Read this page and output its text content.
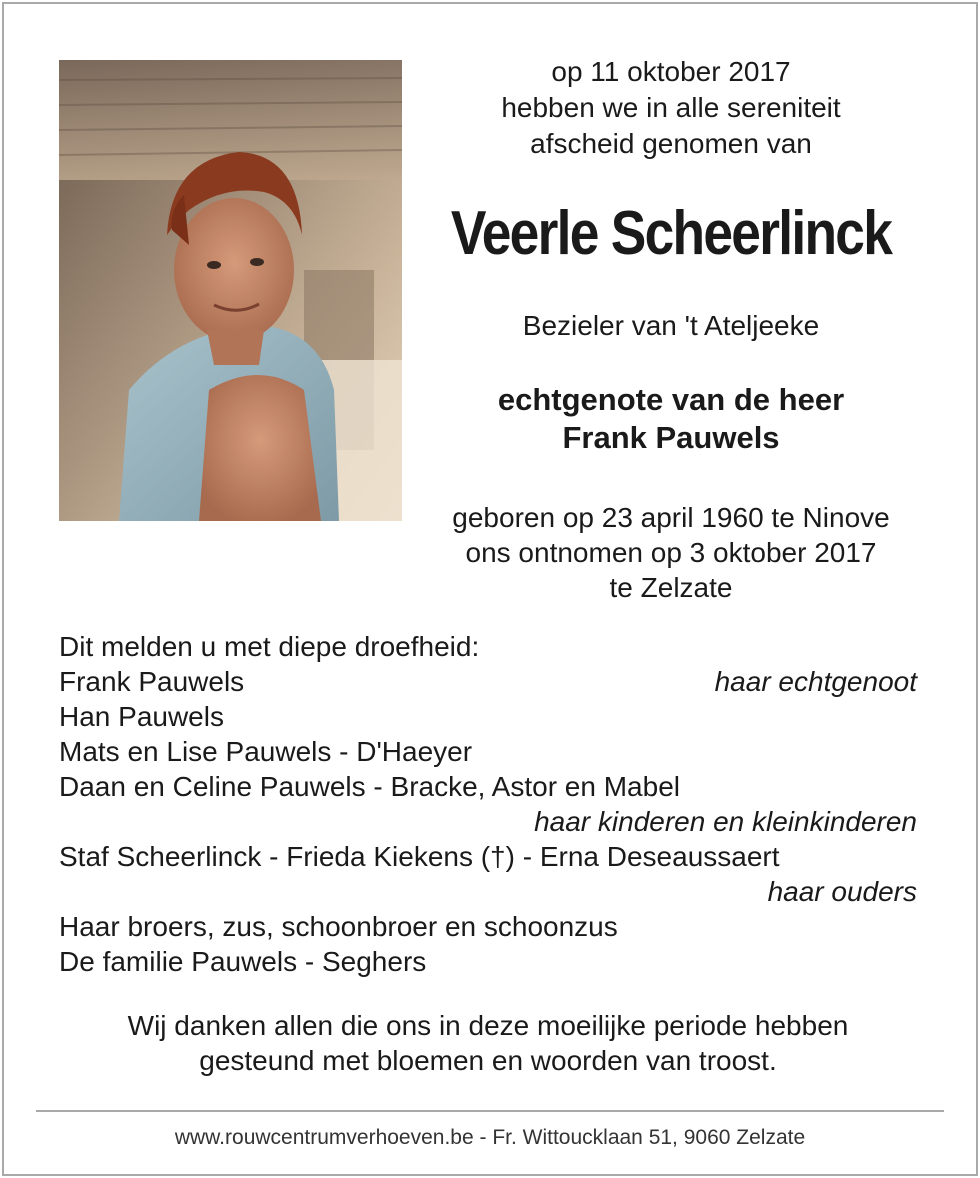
op 11 oktober 2017
hebben we in alle sereniteit
afscheid genomen van
Veerle Scheerlinck
Bezieler van 't Ateljeeke
echtgenote van de heer
Frank Pauwels
geboren op 23 april 1960 te Ninove
ons ontnomen op 3 oktober 2017
te Zelzate
Dit melden u met diepe droefheid:
Frank Pauwels	haar echtgenoot
Han Pauwels
Mats en Lise Pauwels - D'Haeyer
Daan en Celine Pauwels - Bracke, Astor en Mabel
haar kinderen en kleinkinderen
Staf Scheerlinck - Frieda Kiekens (†) - Erna Deseaussaert
haar ouders
Haar broers, zus, schoonbroer en schoonzus
De familie Pauwels - Seghers
Wij danken allen die ons in deze moeilijke periode hebben
gesteund met bloemen en woorden van troost.
www.rouwcentrumverhoeven.be - Fr. Wittoucklaan 51, 9060 Zelzate
